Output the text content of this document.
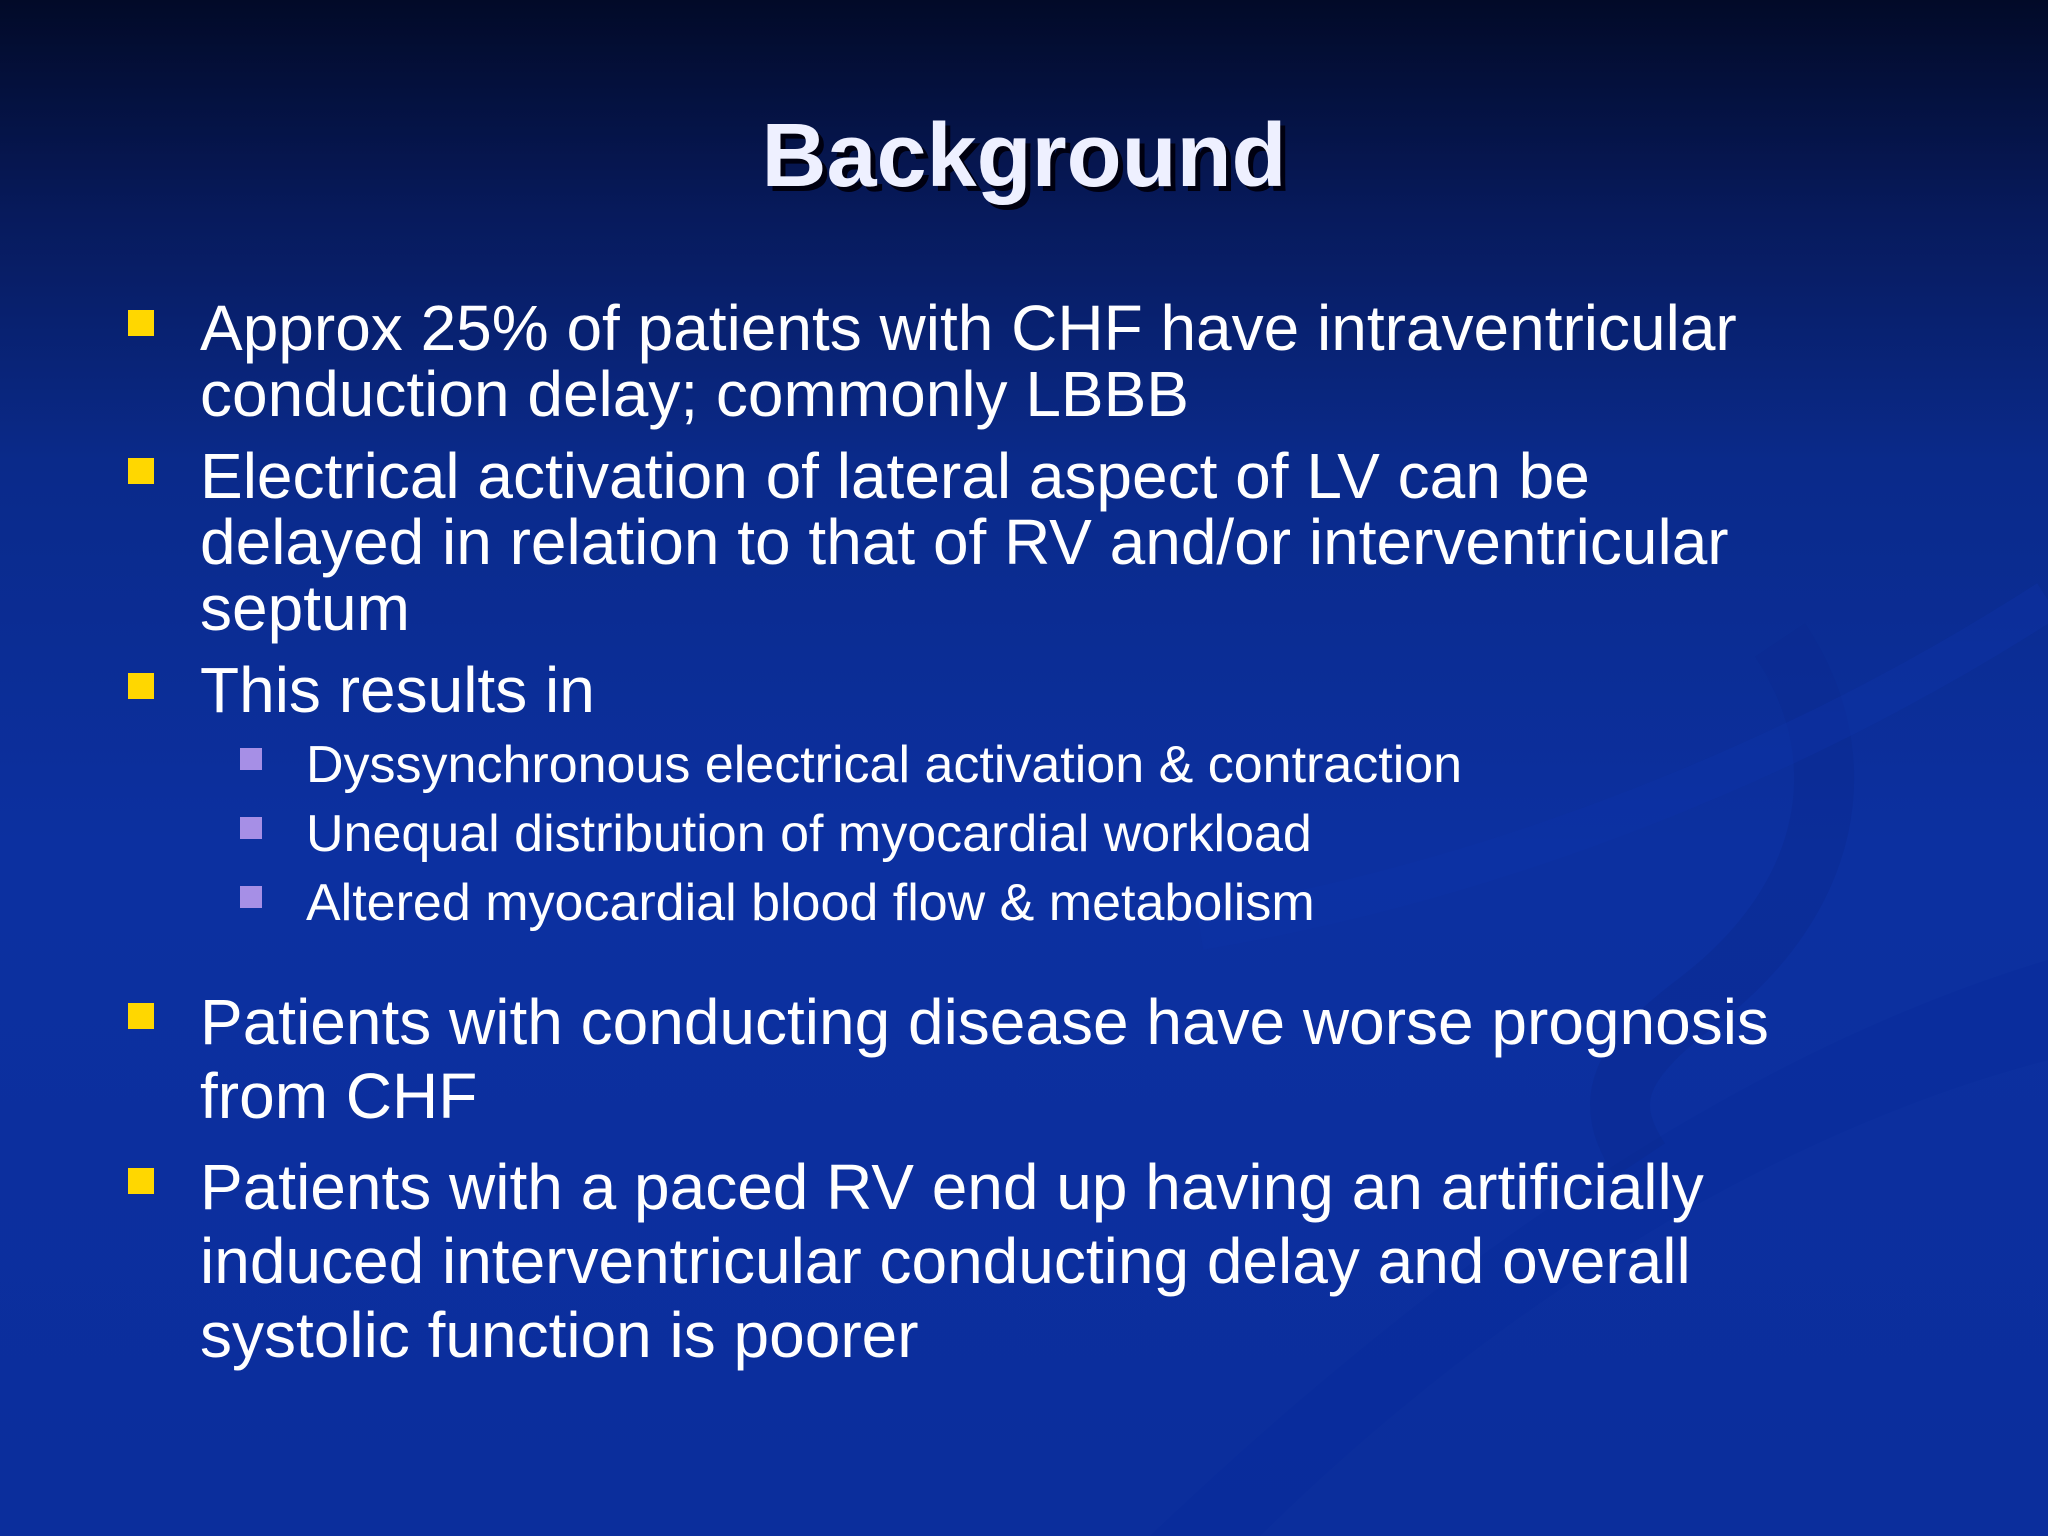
Background
Approx 25% of patients with CHF have intraventricular
conduction delay; commonly LBBB
Electrical activation of lateral aspect of LV can be
delayed in relation to that of RV and/or interventricular
septum
This results in
Dyssynchronous electrical activation & contraction
Unequal distribution of myocardial workload
Altered myocardial blood flow & metabolism
Patients with conducting disease have worse prognosis
from CHF
Patients with a paced RV end up having an artificially
induced interventricular conducting delay and overall
systolic function is poorer
